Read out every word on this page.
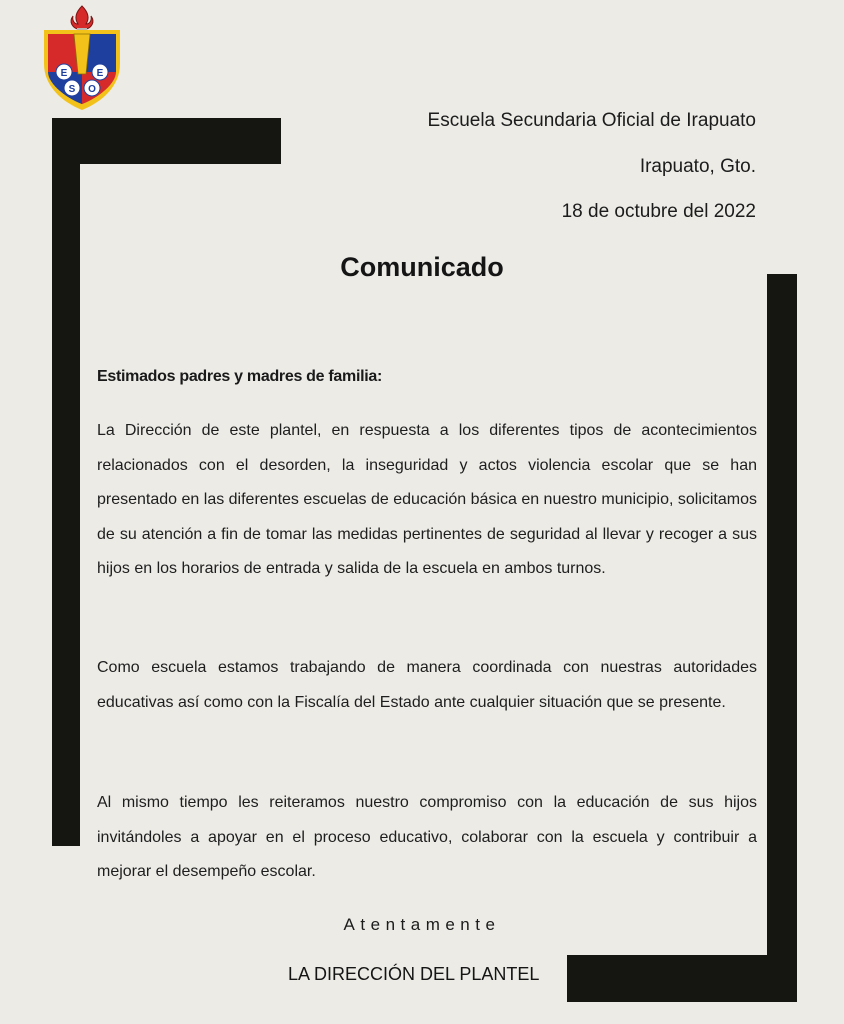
E	E
S O
Escuela Secundaria Oficial de Irapuato
Irapuato, Gto.
18 de octubre del 2022
Comunicado
Estimados padres y madres de familia:
La Dirección de este plantel, en respuesta a los diferentes tipos de acontecimientos relacionados con el desorden, la inseguridad y actos violencia escolar que se han presentado en las diferentes escuelas de educación básica en nuestro municipio, solicitamos de su atención a fin de tomar las medidas pertinentes de seguridad al llevar y recoger a sus hijos en los horarios de entrada y salida de la escuela en ambos turnos.
Como escuela estamos trabajando de manera coordinada con nuestras autoridades educativas así como con la Fiscalía del Estado ante cualquier situación que se presente.
Al mismo tiempo les reiteramos nuestro compromiso con la educación de sus hijos invitándoles a apoyar en el proceso educativo, colaborar con la escuela y contribuir a mejorar el desempeño escolar.
Atentamente
LA DIRECCIÓN DEL PLANTEL
